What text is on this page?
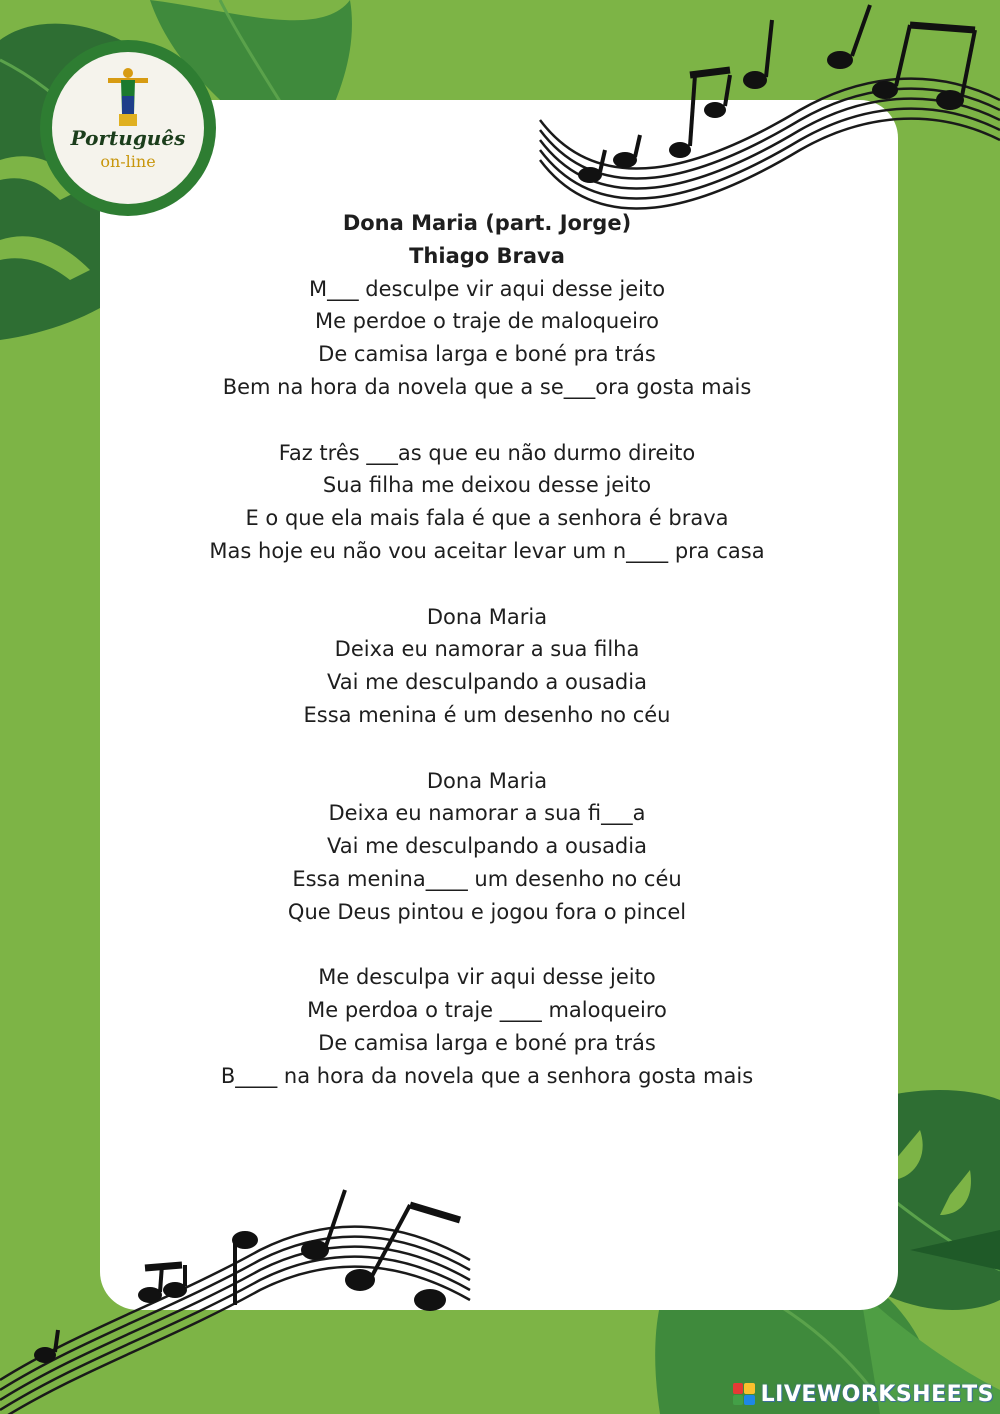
Português
on-line
Dona Maria (part. Jorge)
Thiago Brava
M___ desculpe vir aqui desse jeito
Me perdoe o traje de maloqueiro
De camisa larga e boné pra trás
Bem na hora da novela que a se___ora gosta mais
Faz três ___as que eu não durmo direito
Sua filha me deixou desse jeito
E o que ela mais fala é que a senhora é brava
Mas hoje eu não vou aceitar levar um n____ pra casa
Dona Maria
Deixa eu namorar a sua filha
Vai me desculpando a ousadia
Essa menina é um desenho no céu
Dona Maria
Deixa eu namorar a sua fi___a
Vai me desculpando a ousadia
Essa menina____ um desenho no céu
Que Deus pintou e jogou fora o pincel
Me desculpa vir aqui desse jeito
Me perdoa o traje ____ maloqueiro
De camisa larga e boné pra trás
B____ na hora da novela que a senhora gosta mais
LIVEWORKSHEETS
